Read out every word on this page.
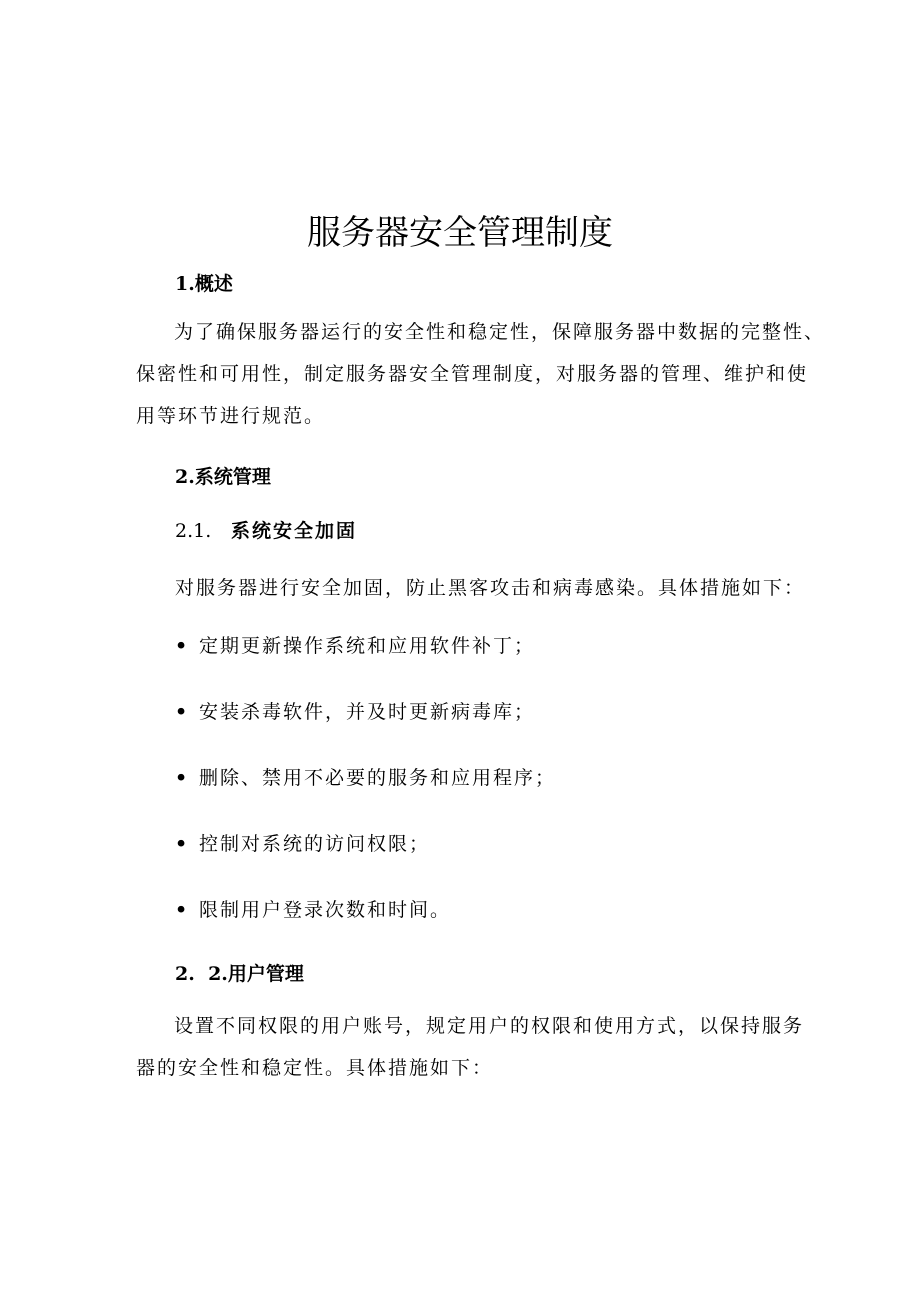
服务器安全管理制度
1.概述

为了确保服务器运行的安全性和稳定性，保障服务器中数据的完整性、保密性和可用性，制定服务器安全管理制度，对服务器的管理、维护和使用等环节进行规范。

2.系统管理
2.1. 系统安全加固

对服务器进行安全加固，防止黑客攻击和病毒感染。具体措施如下：

• 定期更新操作系统和应用软件补丁；
• 安装杀毒软件，并及时更新病毒库；
• 删除、禁用不必要的服务和应用程序；
• 控制对系统的访问权限；
• 限制用户登录次数和时间。
2.  2.用户管理

设置不同权限的用户账号，规定用户的权限和使用方式，以保持服务器的安全性和稳定性。具体措施如下：
